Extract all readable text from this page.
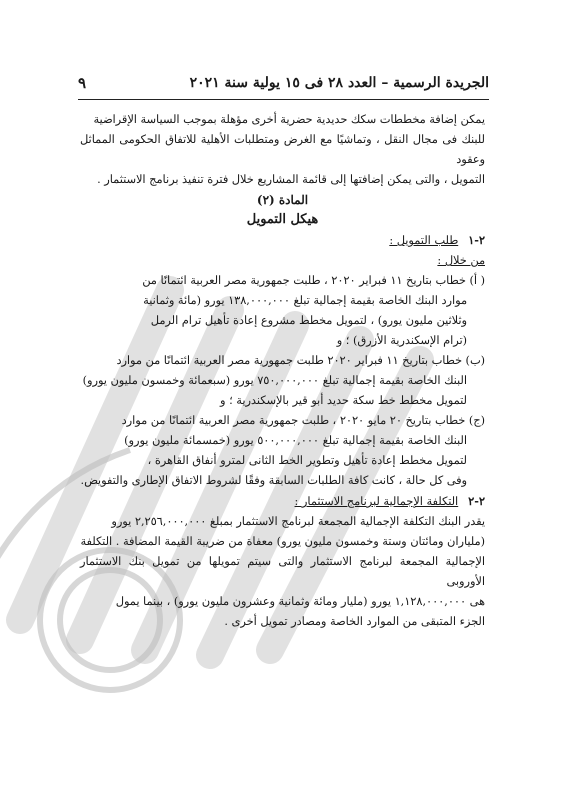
الجريدة الرسمية – العدد ٢٨ فى ١٥ يولية سنة ٢٠٢١
٩

يمكن إضافة مخططات سكك حديدية حضرية أخرى مؤهلة بموجب السياسة الإقراضية

للبنك فى مجال النقل ، وتماشيًا مع الغرض ومتطلبات الأهلية للاتفاق الحكومى المماثل وعقود

التمويل ، والتى يمكن إضافتها إلى قائمة المشاريع خلال فترة تنفيذ برنامج الاستثمار .

المادة (٢)

هيكل التمويل

٢-١ طلب التمويل :

من خلال :

( أ) خطاب بتاريخ ١١ فبراير ٢٠٢٠ ، طلبت جمهورية مصر العربية ائتمانًا من

موارد البنك الخاصة بقيمة إجمالية تبلغ ١٣٨,٠٠٠,٠٠٠ يورو (مائة وثمانية

وثلاثين مليون يورو) ، لتمويل مخطط مشروع إعادة تأهيل ترام الرمل

(ترام الإسكندرية الأزرق) ؛ و

(ب) خطاب بتاريخ ١١ فبراير ٢٠٢٠ طلبت جمهورية مصر العربية ائتمانًا من موارد

البنك الخاصة بقيمة إجمالية تبلغ ٧٥٠,٠٠٠,٠٠٠ يورو (سبعمائة وخمسون مليون يورو)

لتمويل مخطط خط سكة حديد أبو قير بالإسكندرية ؛ و

(ج) خطاب بتاريخ ٢٠ مايو ٢٠٢٠ ، طلبت جمهورية مصر العربية ائتمانًا من موارد

البنك الخاصة بقيمة إجمالية تبلغ ٥٠٠,٠٠٠,٠٠٠ يورو (خمسمائة مليون يورو)

لتمويل مخطط إعادة تأهيل وتطوير الخط الثانى لمترو أنفاق القاهرة ،

وفى كل حالة ، كانت كافة الطلبات السابقة وفقًا لشروط الاتفاق الإطارى والتفويض.

٢-٢ التكلفة الإجمالية لبرنامج الاستثمار :

يقدر البنك التكلفة الإجمالية المجمعة لبرنامج الاستثمار بمبلغ ٢,٢٥٦,٠٠٠,٠٠٠ يورو

(ملياران ومائتان وستة وخمسون مليون يورو) معفاة من ضريبة القيمة المضافة . التكلفة

الإجمالية المجمعة لبرنامج الاستثمار والتى سيتم تمويلها من تمويل بنك الاستثمار الأوروبى

هى ١,١٢٨,٠٠٠,٠٠٠ يورو (مليار ومائة وثمانية وعشرون مليون يورو) ، بينما يمول

الجزء المتبقى من الموارد الخاصة ومصادر تمويل أخرى .
